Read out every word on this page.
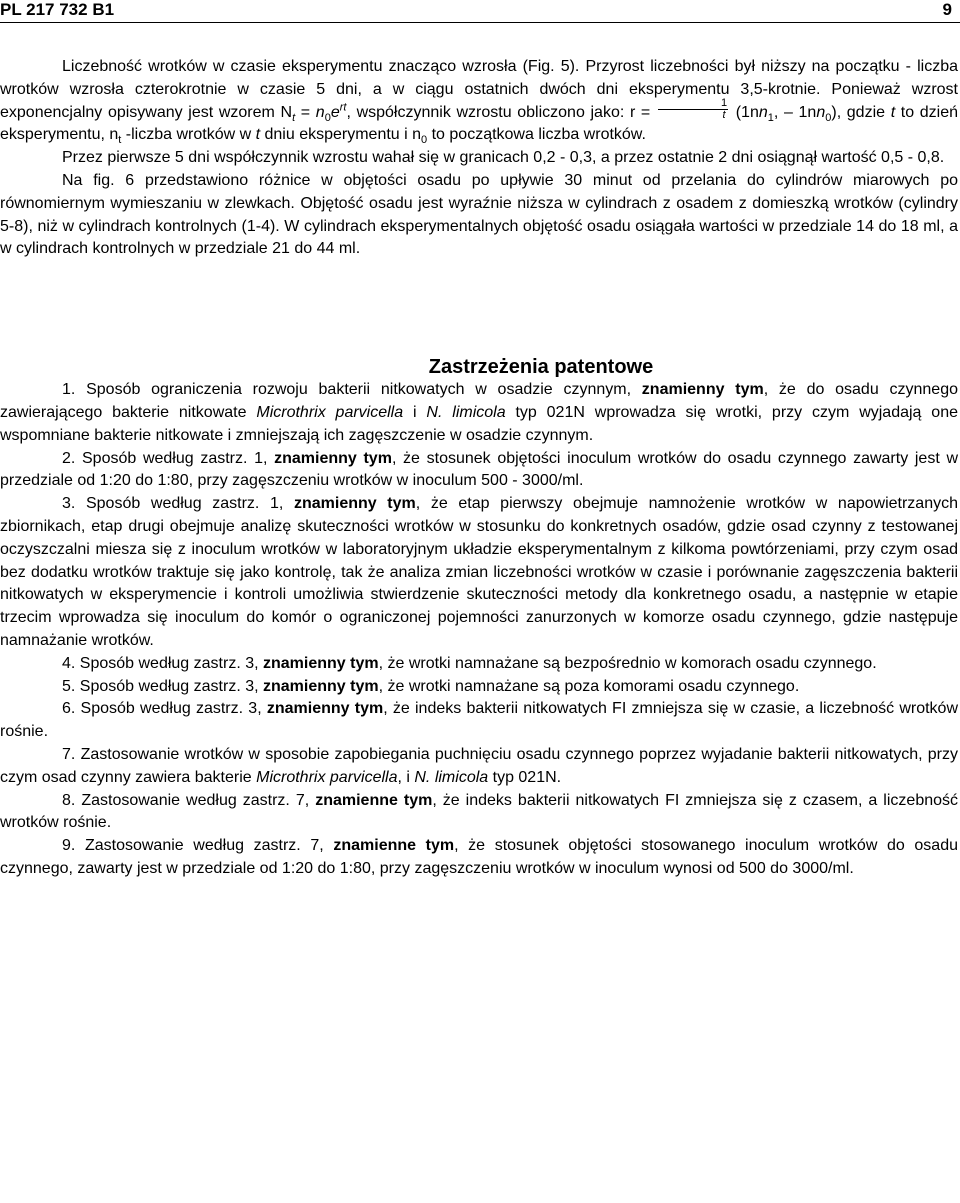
PL 217 732 B1	9

Liczebność wrotków w czasie eksperymentu znacząco wzrosła (Fig. 5). Przyrost liczebności był niższy na początku - liczba wrotków wzrosła czterokrotnie w czasie 5 dni, a w ciągu ostatnich dwóch dni eksperymentu 3,5-krotnie. Ponieważ wzrost exponencjalny opisywany jest wzorem $N_t = n_0e^{rt}$, współczynnik wzrostu obliczono jako: $r = \frac{1}{t} (1nn_1$, – $1nn_0$), gdzie t to dzień eksperymentu, $n_t$ -liczba wrotków w t dniu eksperymentu i $n_0$ to początkowa liczba wrotków.

Przez pierwsze 5 dni współczynnik wzrostu wahał się w granicach 0,2 - 0,3, a przez ostatnie 2 dni osiągnął wartość 0,5 - 0,8.

Na fig. 6 przedstawiono różnice w objętości osadu po upływie 30 minut od przelania do cylindrów miarowych po równomiernym wymieszaniu w zlewkach. Objętość osadu jest wyraźnie niższa w cylindrach z osadem z domieszką wrotków (cylindry 5-8), niż w cylindrach kontrolnych (1-4). W cylindrach eksperymentalnych objętość osadu osiągała wartości w przedziale 14 do 18 ml, a w cylindrach kontrolnych w przedziale 21 do 44 ml.

Zastrzeżenia patentowe

1. Sposób ograniczenia rozwoju bakterii nitkowatych w osadzie czynnym, znamienny tym, że do osadu czynnego zawierającego bakterie nitkowate Microthrix parvicella i N. limicola typ 021N wprowadza się wrotki, przy czym wyjadają one wspomniane bakterie nitkowate i zmniejszają ich zagęszczenie w osadzie czynnym.

2. Sposób według zastrz. 1, znamienny tym, że stosunek objętości inoculum wrotków do osadu czynnego zawarty jest w przedziale od 1:20 do 1:80, przy zagęszczeniu wrotków w inoculum 500 - 3000/ml.

3. Sposób według zastrz. 1, znamienny tym, że etap pierwszy obejmuje namnożenie wrotków w napowietrzanych zbiornikach, etap drugi obejmuje analizę skuteczności wrotków w stosunku do konkretnych osadów, gdzie osad czynny z testowanej oczyszczalni miesza się z inoculum wrotków w laboratoryjnym układzie eksperymentalnym z kilkoma powtórzeniami, przy czym osad bez dodatku wrotków traktuje się jako kontrolę, tak że analiza zmian liczebności wrotków w czasie i porównanie zagęszczenia bakterii nitkowatych w eksperymencie i kontroli umożliwia stwierdzenie skuteczności metody dla konkretnego osadu, a następnie w etapie trzecim wprowadza się inoculum do komór o ograniczonej pojemności zanurzonych w komorze osadu czynnego, gdzie następuje namnażanie wrotków.

4. Sposób według zastrz. 3, znamienny tym, że wrotki namnażane są bezpośrednio w komorach osadu czynnego.

5. Sposób według zastrz. 3, znamienny tym, że wrotki namnażane są poza komorami osadu czynnego.

6. Sposób według zastrz. 3, znamienny tym, że indeks bakterii nitkowatych FI zmniejsza się w czasie, a liczebność wrotków rośnie.

7. Zastosowanie wrotków w sposobie zapobiegania puchnięciu osadu czynnego poprzez wyjadanie bakterii nitkowatych, przy czym osad czynny zawiera bakterie Microthrix parvicella, i N. limicola typ 021N.

8. Zastosowanie według zastrz. 7, znamienne tym, że indeks bakterii nitkowatych FI zmniejsza się z czasem, a liczebność wrotków rośnie.

9. Zastosowanie według zastrz. 7, znamienne tym, że stosunek objętości stosowanego inoculum wrotków do osadu czynnego, zawarty jest w przedziale od 1:20 do 1:80, przy zagęszczeniu wrotków w inoculum wynosi od 500 do 3000/ml.
